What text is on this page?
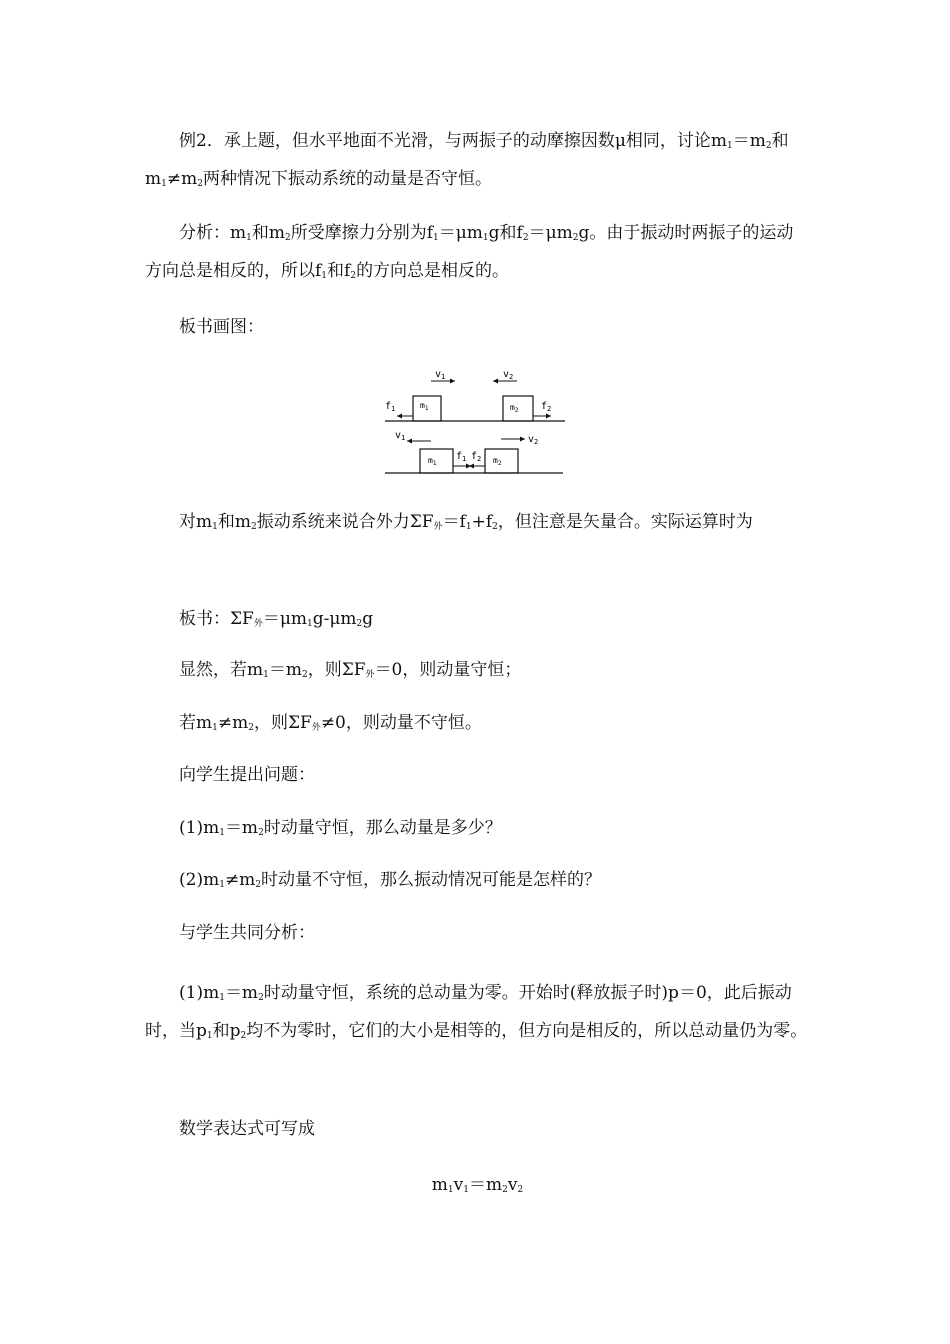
例2．承上题，但水平地面不光滑，与两振子的动摩擦因数μ相同，讨论$m_1=m_2$和$m_1\ne m_2$两种情况下振动系统的动量是否守恒。

分析：$m_1$和$m_2$所受摩擦力分别为$f_1=\mu m_1g$和$f_2=\mu m_2g$。由于振动时两振子的运动方向总是相反的，所以$f_1$和$f_2$的方向总是相反的。

板书画图：

$v_1$	$v_2$
$f_1$	$m_1$	$m_2$ $f_2$
$v_1$	$v_2$
$m_1$
$f_1$ $f_2$ $m_2$

对$m_1$和$m_2$振动系统来说合外力$\Sigma F_外=f_1+f_2$，但注意是矢量合。实际运算时为

板书：$\Sigma F_外=\mu m_1g-\mu m_2g$

显然，若$m_1=m_2$，则$\Sigma F_外=0$，则动量守恒；

若$m_1\ne m_2$，则$\Sigma F_外\ne 0$，则动量不守恒。

向学生提出问题：

$(1)m_1=m_2$时动量守恒，那么动量是多少？

$(2)m_1\ne m_2$时动量不守恒，那么振动情况可能是怎样的？

与学生共同分析：

$(1)m_1=m_2$时动量守恒，系统的总动量为零。开始时(释放振子时)p＝0，此后振动时，当$p_1$和$p_2$均不为零时，它们的大小是相等的，但方向是相反的，所以总动量仍为零。

数学表达式可写成

$m_1v_1=m_2v_2$
